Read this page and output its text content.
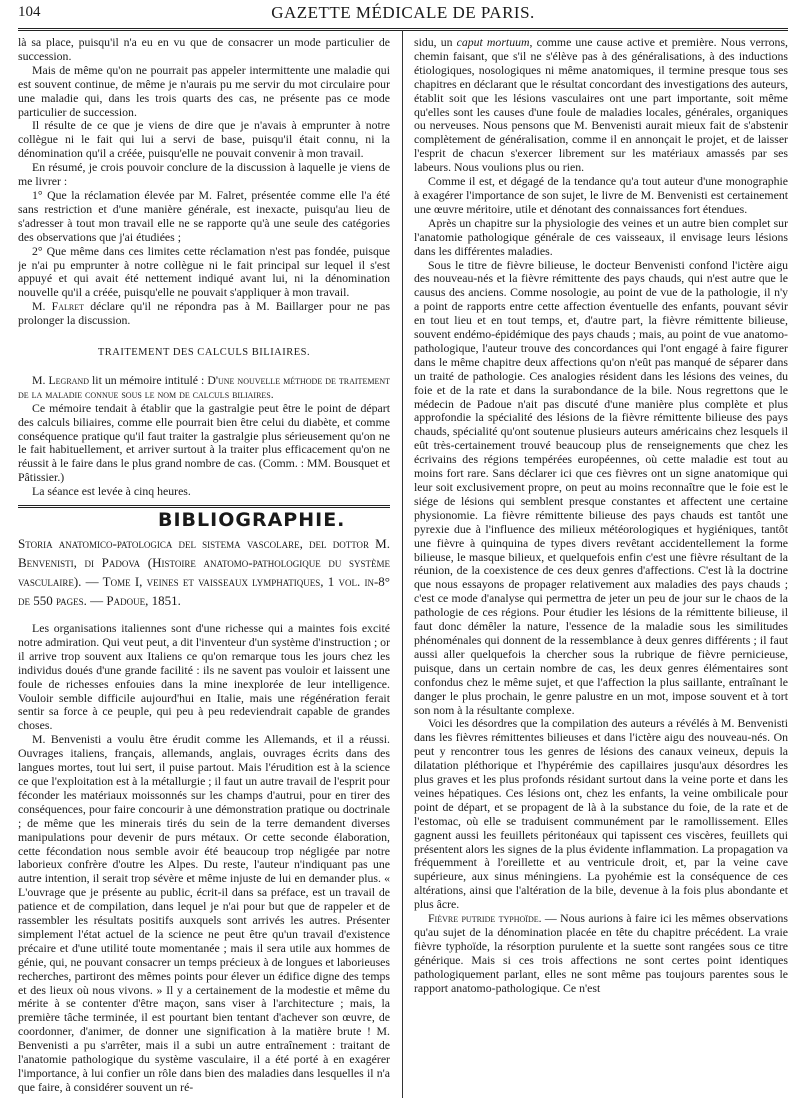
104	GAZETTE MÉDICALE DE PARIS.

là sa place, puisqu'il n'a eu en vu que de consacrer un mode particulier de succession.

Mais de même qu'on ne pourrait pas appeler intermittente une maladie qui est souvent continue, de même je n'aurais pu me servir du mot circulaire pour une maladie qui, dans les trois quarts des cas, ne présente pas ce mode particulier de succession.

Il résulte de ce que je viens de dire que je n'avais à emprunter à notre collègue ni le fait qui lui a servi de base, puisqu'il était connu, ni la dénomination qu'il a créée, puisqu'elle ne pouvait convenir à mon travail.

En résumé, je crois pouvoir conclure de la discussion à laquelle je viens de me livrer :

1° Que la réclamation élevée par M. Falret, présentée comme elle l'a été sans restriction et d'une manière générale, est inexacte, puisqu'au lieu de s'adresser à tout mon travail elle ne se rapporte qu'à une seule des catégories des observations que j'ai étudiées ;

2° Que même dans ces limites cette réclamation n'est pas fondée, puisque je n'ai pu emprunter à notre collègue ni le fait principal sur lequel il s'est appuyé et qui avait été nettement indiqué avant lui, ni la dénomination nouvelle qu'il a créée, puisqu'elle ne pouvait s'appliquer à mon travail.

M. Falret déclare qu'il ne répondra pas à M. Baillarger pour ne pas prolonger la discussion.

TRAITEMENT DES CALCULS BILIAIRES.

M. Legrand lit un mémoire intitulé : D'une nouvelle méthode de traitement de la maladie connue sous le nom de calculs biliaires.

Ce mémoire tendait à établir que la gastralgie peut être le point de départ des calculs biliaires, comme elle pourrait bien être celui du diabète, et comme conséquence pratique qu'il faut traiter la gastralgie plus sérieusement qu'on ne le fait habituellement, et arriver surtout à la traiter plus efficacement qu'on ne réussit à le faire dans le plus grand nombre de cas. (Comm. : MM. Bousquet et Pâtissier.)

La séance est levée à cinq heures.

BIBLIOGRAPHIE.

Storia anatomico-patologica del sistema vascolare, del dottor M. Benvenisti, di Padova (Histoire anatomo-pathologique du système vasculaire). — Tome I, veines et vaisseaux lymphatiques, 1 vol. in-8° de 550 pages. — Padoue, 1851.

Les organisations italiennes sont d'une richesse qui a maintes fois excité notre admiration. Qui veut peut, a dit l'inventeur d'un système d'instruction ; or il arrive trop souvent aux Italiens ce qu'on remarque tous les jours chez les individus doués d'une grande facilité : ils ne savent pas vouloir et laissent une foule de richesses enfouies dans la mine inexplorée de leur intelligence. Vouloir semble difficile aujourd'hui en Italie, mais une régénération ferait sentir sa force à ce peuple, qui peu à peu redeviendrait capable de grandes choses.

M. Benvenisti a voulu être érudit comme les Allemands, et il a réussi. Ouvrages italiens, français, allemands, anglais, ouvrages écrits dans des langues mortes, tout lui sert, il puise partout. Mais l'érudition est à la science ce que l'exploitation est à la métallurgie ; il faut un autre travail de l'esprit pour féconder les matériaux moissonnés sur les champs d'autrui, pour en tirer des conséquences, pour faire concourir à une démonstration pratique ou doctrinale ; de même que les minerais tirés du sein de la terre demandent diverses manipulations pour devenir de purs métaux. Or cette seconde élaboration, cette fécondation nous semble avoir été beaucoup trop négligée par notre laborieux confrère d'outre les Alpes. Du reste, l'auteur n'indiquant pas une autre intention, il serait trop sévère et même injuste de lui en demander plus. « L'ouvrage que je présente au public, écrit-il dans sa préface, est un travail de patience et de compilation, dans lequel je n'ai pour but que de rappeler et de rassembler les résultats positifs auxquels sont arrivés les autres. Présenter simplement l'état actuel de la science ne peut être qu'un travail d'existence précaire et d'une utilité toute momentanée ; mais il sera utile aux hommes de génie, qui, ne pouvant consacrer un temps précieux à de longues et laborieuses recherches, partiront des mêmes points pour élever un édifice digne des temps et des lieux où nous vivons. » Il y a certainement de la modestie et même du mérite à se contenter d'être maçon, sans viser à l'architecture ; mais, la première tâche terminée, il est pourtant bien tentant d'achever son œuvre, de coordonner, d'animer, de donner une signification à la matière brute ! M. Benvenisti a pu s'arrêter, mais il a subi un autre entraînement : traitant de l'anatomie pathologique du système vasculaire, il a été porté à en exagérer l'importance, à lui confier un rôle dans bien des maladies dans lesquelles il n'a que faire, à considérer souvent un ré-

sidu, un caput mortuum, comme une cause active et première. Nous verrons, chemin faisant, que s'il ne s'élève pas à des généralisations, à des inductions étiologiques, nosologiques ni même anatomiques, il termine presque tous ses chapitres en déclarant que le résultat concordant des investigations des auteurs, établit soit que les lésions vasculaires ont une part importante, soit même qu'elles sont les causes d'une foule de maladies locales, générales, organiques ou nerveuses. Nous pensons que M. Benvenisti aurait mieux fait de s'abstenir complètement de généralisation, comme il en annonçait le projet, et de laisser l'esprit de chacun s'exercer librement sur les matériaux amassés par ses labeurs. Nous voulions plus ou rien.

Comme il est, et dégagé de la tendance qu'a tout auteur d'une monographie à exagérer l'importance de son sujet, le livre de M. Benvenisti est certainement une œuvre méritoire, utile et dénotant des connaissances fort étendues.

Après un chapitre sur la physiologie des veines et un autre bien complet sur l'anatomie pathologique générale de ces vaisseaux, il envisage leurs lésions dans les différentes maladies.

Sous le titre de fièvre bilieuse, le docteur Benvenisti confond l'ictère aigu des nouveau-nés et la fièvre rémittente des pays chauds, qui n'est autre que le causus des anciens. Comme nosologie, au point de vue de la pathologie, il n'y a point de rapports entre cette affection éventuelle des enfants, pouvant sévir en tout lieu et en tout temps, et, d'autre part, la fièvre rémittente bilieuse, souvent endémo-épidémique des pays chauds ; mais, au point de vue anatomo-pathologique, l'auteur trouve des concordances qui l'ont engagé à faire figurer dans le même chapitre deux affections qu'on n'eût pas manqué de séparer dans un traité de pathologie. Ces analogies résident dans les lésions des veines, du foie et de la rate et dans la surabondance de la bile. Nous regrettons que le médecin de Padoue n'ait pas discuté d'une manière plus complète et plus approfondie la spécialité des lésions de la fièvre rémittente bilieuse des pays chauds, spécialité qu'ont soutenue plusieurs auteurs américains chez lesquels il eût très-certainement trouvé beaucoup plus de renseignements que chez les écrivains des régions tempérées européennes, où cette maladie est tout au moins fort rare. Sans déclarer ici que ces fièvres ont un signe anatomique qui leur soit exclusivement propre, on peut au moins reconnaître que le foie est le siége de lésions qui semblent presque constantes et affectent une certaine physionomie. La fièvre rémittente bilieuse des pays chauds est tantôt une pyrexie due à l'influence des milieux météorologiques et hygiéniques, tantôt une fièvre à quinquina de types divers revêtant accidentellement la forme bilieuse, le masque bilieux, et quelquefois enfin c'est une fièvre résultant de la réunion, de la coexistence de ces deux genres d'affections. C'est là la doctrine que nous essayons de propager relativement aux maladies des pays chauds ; c'est ce mode d'analyse qui permettra de jeter un peu de jour sur le chaos de la pathologie de ces régions. Pour étudier les lésions de la rémittente bilieuse, il faut donc démêler la nature, l'essence de la maladie sous les similitudes phénoménales qui donnent de la ressemblance à deux genres différents ; il faut aussi aller quelquefois la chercher sous la rubrique de fièvre pernicieuse, puisque, dans un certain nombre de cas, les deux genres élémentaires sont confondus chez le même sujet, et que l'affection la plus saillante, entraînant le danger le plus prochain, le genre palustre en un mot, impose souvent et à tort son nom à la résultante complexe.

Voici les désordres que la compilation des auteurs a révélés à M. Benvenisti dans les fièvres rémittentes bilieuses et dans l'ictère aigu des nouveau-nés. On peut y rencontrer tous les genres de lésions des canaux veineux, depuis la dilatation pléthorique et l'hypérémie des capillaires jusqu'aux désordres les plus graves et les plus profonds résidant surtout dans la veine porte et dans les veines hépatiques. Ces lésions ont, chez les enfants, la veine ombilicale pour point de départ, et se propagent de là à la substance du foie, de la rate et de l'estomac, où elle se traduisent communément par le ramollissement. Elles gagnent aussi les feuillets péritonéaux qui tapissent ces viscères, feuillets qui présentent alors les signes de la plus évidente inflammation. La propagation va fréquemment à l'oreillette et au ventricule droit, et, par la veine cave supérieure, aux sinus méningiens. La pyohémie est la conséquence de ces altérations, ainsi que l'altération de la bile, devenue à la fois plus abondante et plus âcre.

Fièvre putride typhoïde. — Nous aurions à faire ici les mêmes observations qu'au sujet de la dénomination placée en tête du chapitre précédent. La vraie fièvre typhoïde, la résorption purulente et la suette sont rangées sous ce titre générique. Mais si ces trois affections ne sont certes point identiques pathologiquement parlant, elles ne sont même pas toujours parentes sous le rapport anatomo-pathologique. Ce n'est
